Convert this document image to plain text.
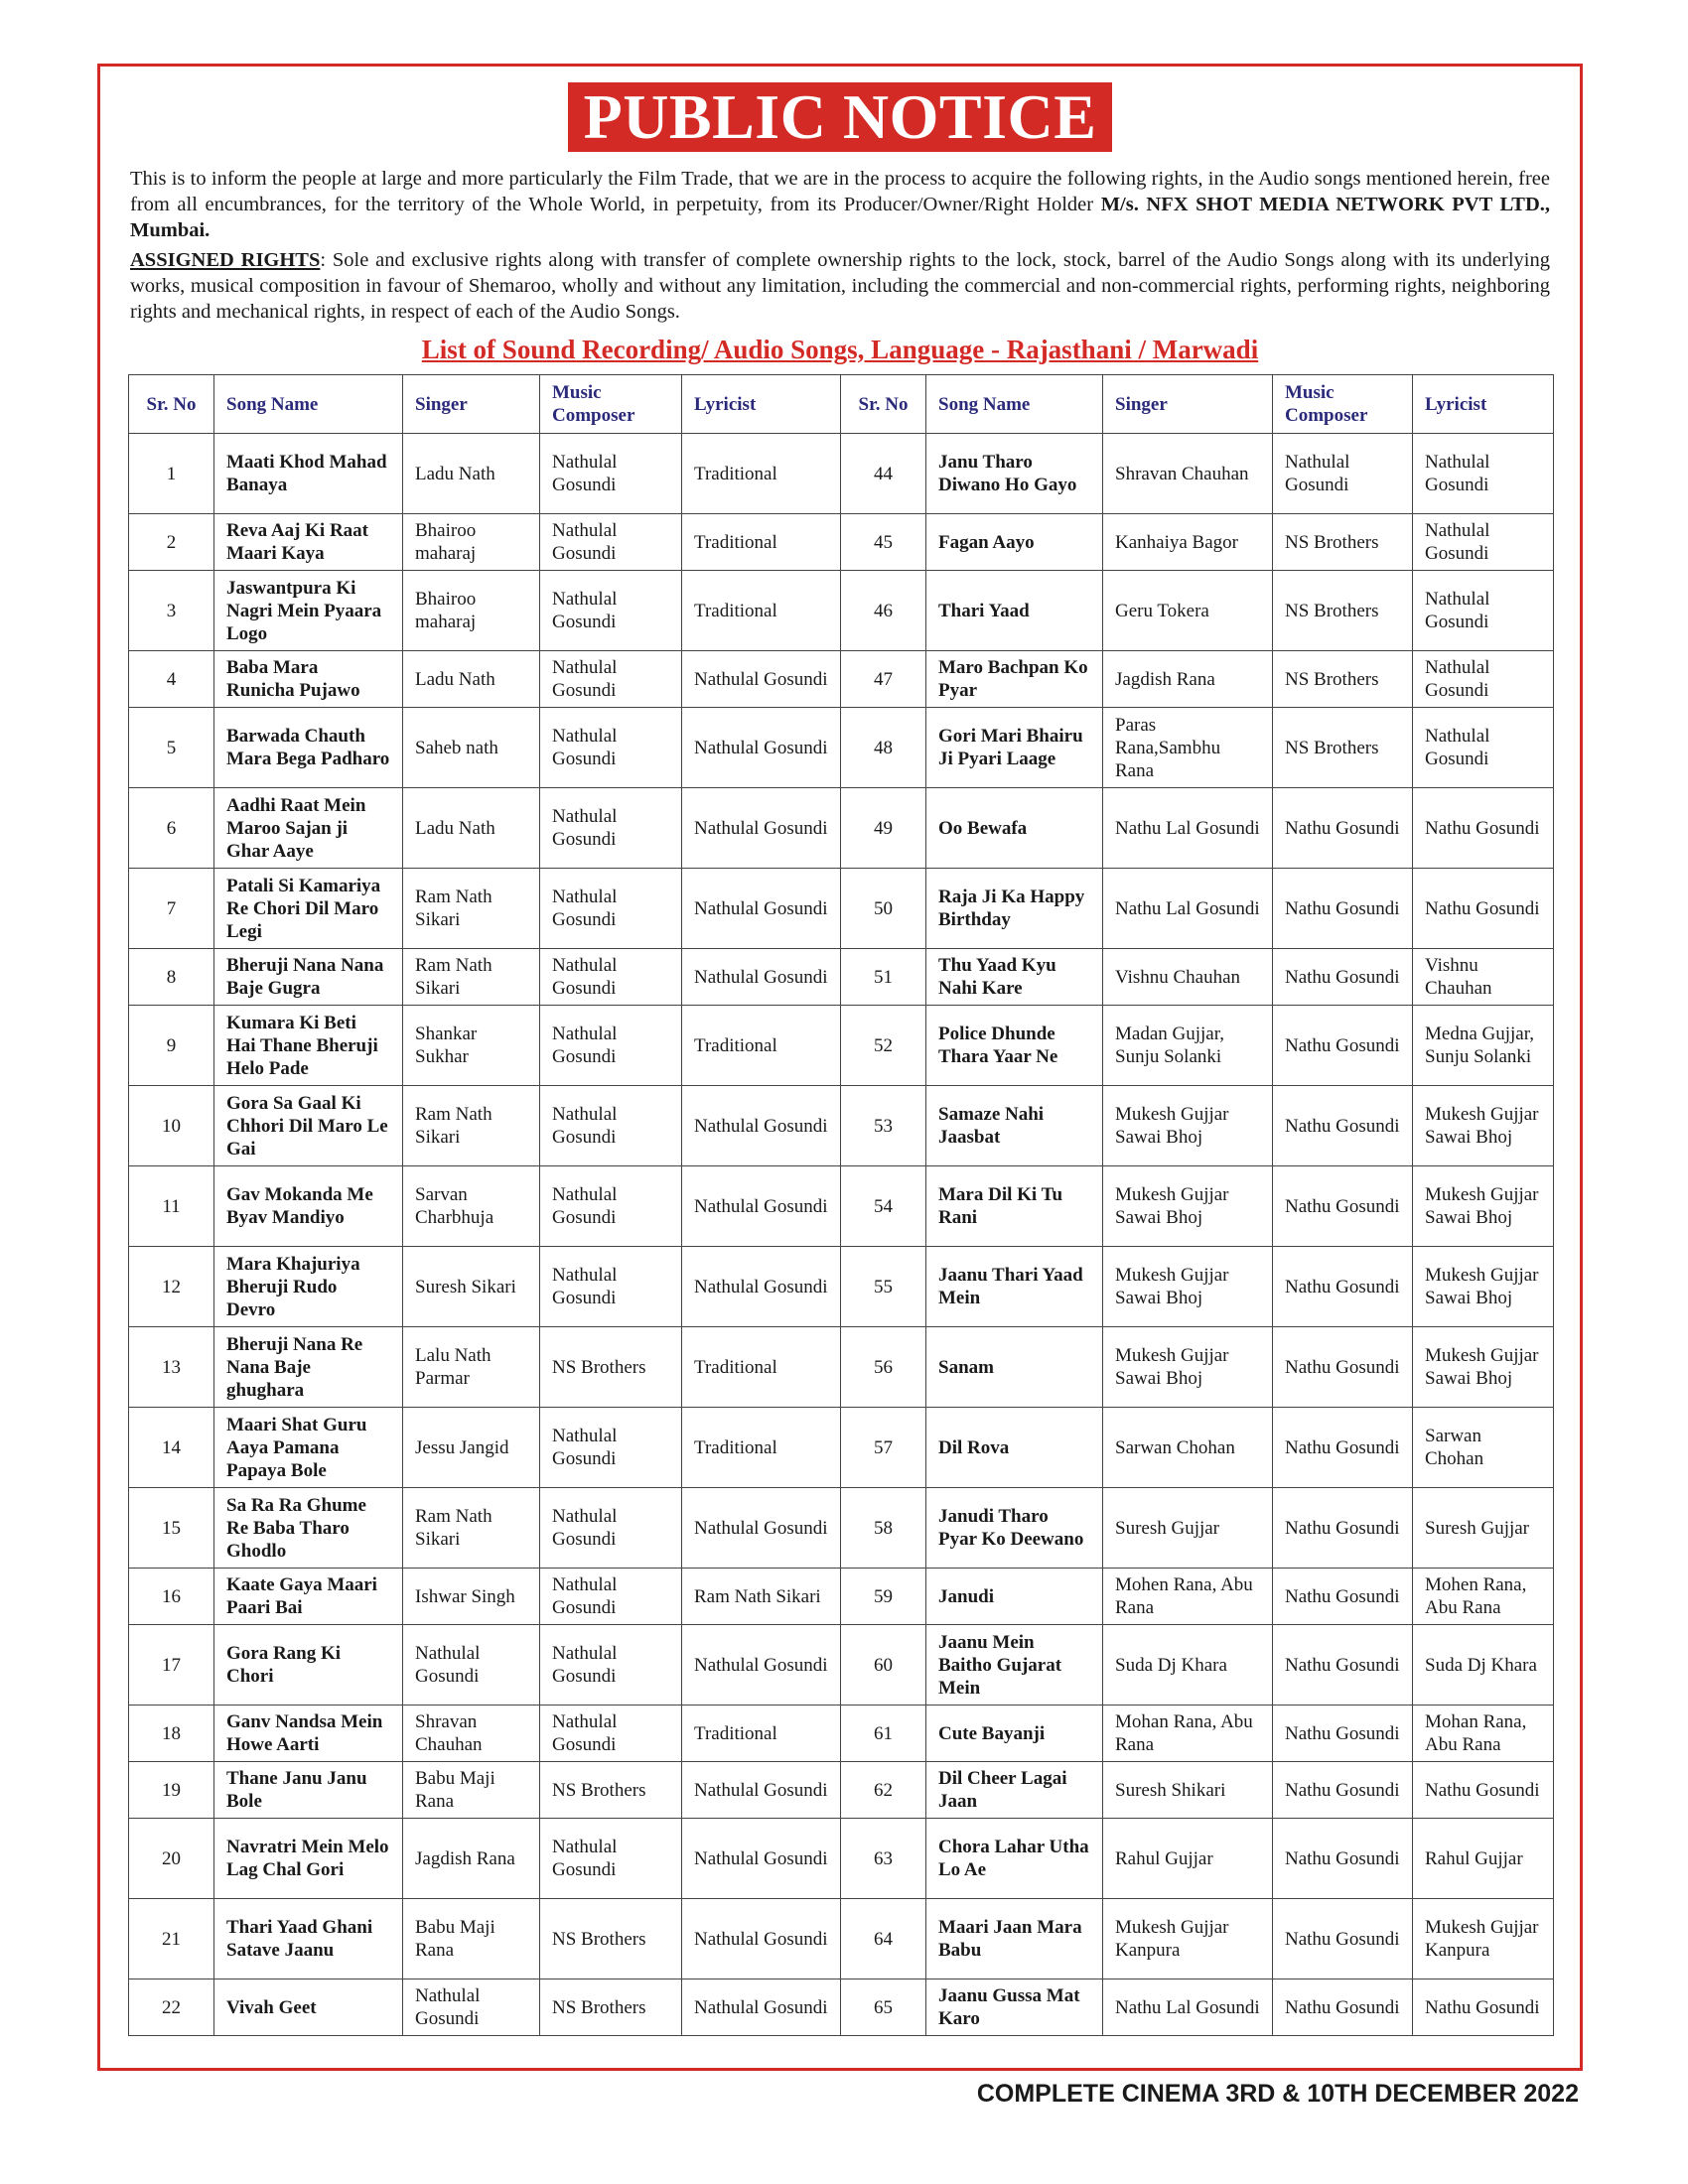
PUBLIC NOTICE

This is to inform the people at large and more particularly the Film Trade, that we are in the process to acquire the following rights, in the Audio songs mentioned herein, free from all encumbrances, for the territory of the Whole World, in perpetuity, from its Producer/Owner/Right Holder M/s. NFX SHOT MEDIA NETWORK PVT LTD., Mumbai.

ASSIGNED RIGHTS: Sole and exclusive rights along with transfer of complete ownership rights to the lock, stock, barrel of the Audio Songs along with its underlying works, musical composition in favour of Shemaroo, wholly and without any limitation, including the commercial and non-commercial rights, performing rights, neighboring rights and mechanical rights, in respect of each of the Audio Songs.

List of Sound Recording/ Audio Songs, Language - Rajasthani / Marwadi
Sr. No	Song Name	Singer	Music Composer	Lyricist	Sr. No	Song Name	Singer	Music Composer	Lyricist
1	Maati Khod Mahad Banaya	Ladu Nath	Nathulal Gosundi	Traditional	44	Janu Tharo Diwano Ho Gayo	Shravan Chauhan	Nathulal Gosundi	Nathulal Gosundi
2	Reva Aaj Ki Raat Maari Kaya	Bhairoo maharaj	Nathulal Gosundi	Traditional	45	Fagan Aayo	Kanhaiya Bagor	NS Brothers	Nathulal Gosundi
3	Jaswantpura Ki Nagri Mein Pyaara Logo	Bhairoo maharaj	Nathulal Gosundi	Traditional	46	Thari Yaad	Geru Tokera	NS Brothers	Nathulal Gosundi
4	Baba Mara Runicha Pujawo	Ladu Nath	Nathulal Gosundi	Nathulal Gosundi	47	Maro Bachpan Ko Pyar	Jagdish Rana	NS Brothers	Nathulal Gosundi
5	Barwada Chauth Mara Bega Padharo	Saheb nath	Nathulal Gosundi	Nathulal Gosundi	48	Gori Mari Bhairu Ji Pyari Laage	Paras Rana,Sambhu Rana	NS Brothers	Nathulal Gosundi
6	Aadhi Raat Mein Maroo Sajan ji Ghar Aaye	Ladu Nath	Nathulal Gosundi	Nathulal Gosundi	49	Oo Bewafa	Nathu Lal Gosundi	Nathu Gosundi	Nathu Gosundi
7	Patali Si Kamariya Re Chori Dil Maro Legi	Ram Nath Sikari	Nathulal Gosundi	Nathulal Gosundi	50	Raja Ji Ka Happy Birthday	Nathu Lal Gosundi	Nathu Gosundi	Nathu Gosundi
8	Bheruji Nana Nana Baje Gugra	Ram Nath Sikari	Nathulal Gosundi	Nathulal Gosundi	51	Thu Yaad Kyu Nahi Kare	Vishnu Chauhan	Nathu Gosundi	Vishnu Chauhan
9	Kumara Ki Beti Hai Thane Bheruji Helo Pade	Shankar Sukhar	Nathulal Gosundi	Traditional	52	Police Dhunde Thara Yaar Ne	Madan Gujjar, Sunju Solanki	Nathu Gosundi	Medna Gujjar, Sunju Solanki
10	Gora Sa Gaal Ki Chhori Dil Maro Le Gai	Ram Nath Sikari	Nathulal Gosundi	Nathulal Gosundi	53	Samaze Nahi Jaasbat	Mukesh Gujjar Sawai Bhoj	Nathu Gosundi	Mukesh Gujjar Sawai Bhoj
11	Gav Mokanda Me Byav Mandiyo	Sarvan Charbhuja	Nathulal Gosundi	Nathulal Gosundi	54	Mara Dil Ki Tu Rani	Mukesh Gujjar Sawai Bhoj	Nathu Gosundi	Mukesh Gujjar Sawai Bhoj
12	Mara Khajuriya Bheruji Rudo Devro	Suresh Sikari	Nathulal Gosundi	Nathulal Gosundi	55	Jaanu Thari Yaad Mein	Mukesh Gujjar Sawai Bhoj	Nathu Gosundi	Mukesh Gujjar Sawai Bhoj
13	Bheruji Nana Re Nana Baje ghughara	Lalu Nath Parmar	NS Brothers	Traditional	56	Sanam	Mukesh Gujjar Sawai Bhoj	Nathu Gosundi	Mukesh Gujjar Sawai Bhoj
14	Maari Shat Guru Aaya Pamana Papaya Bole	Jessu Jangid	Nathulal Gosundi	Traditional	57	Dil Rova	Sarwan Chohan	Nathu Gosundi	Sarwan Chohan
15	Sa Ra Ra Ghume Re Baba Tharo Ghodlo	Ram Nath Sikari	Nathulal Gosundi	Nathulal Gosundi	58	Janudi Tharo Pyar Ko Deewano	Suresh Gujjar	Nathu Gosundi	Suresh Gujjar
16	Kaate Gaya Maari Paari Bai	Ishwar Singh	Nathulal Gosundi	Ram Nath Sikari	59	Janudi	Mohen Rana, Abu Rana	Nathu Gosundi	Mohen Rana, Abu Rana
17	Gora Rang Ki Chori	Nathulal Gosundi	Nathulal Gosundi	Nathulal Gosundi	60	Jaanu Mein Baitho Gujarat Mein	Suda Dj Khara	Nathu Gosundi	Suda Dj Khara
18	Ganv Nandsa Mein Howe Aarti	Shravan Chauhan	Nathulal Gosundi	Traditional	61	Cute Bayanji	Mohan Rana, Abu Rana	Nathu Gosundi	Mohan Rana, Abu Rana
19	Thane Janu Janu Bole	Babu Maji Rana	NS Brothers	Nathulal Gosundi	62	Dil Cheer Lagai Jaan	Suresh Shikari	Nathu Gosundi	Nathu Gosundi
20	Navratri Mein Melo Lag Chal Gori	Jagdish Rana	Nathulal Gosundi	Nathulal Gosundi	63	Chora Lahar Utha Lo Ae	Rahul Gujjar	Nathu Gosundi	Rahul Gujjar
21	Thari Yaad Ghani Satave Jaanu	Babu Maji Rana	NS Brothers	Nathulal Gosundi	64	Maari Jaan Mara Babu	Mukesh Gujjar Kanpura	Nathu Gosundi	Mukesh Gujjar Kanpura
22	Vivah Geet	Nathulal Gosundi	NS Brothers	Nathulal Gosundi	65	Jaanu Gussa Mat Karo	Nathu Lal Gosundi	Nathu Gosundi	Nathu Gosundi
COMPLETE CINEMA 3RD & 10TH DECEMBER 2022
